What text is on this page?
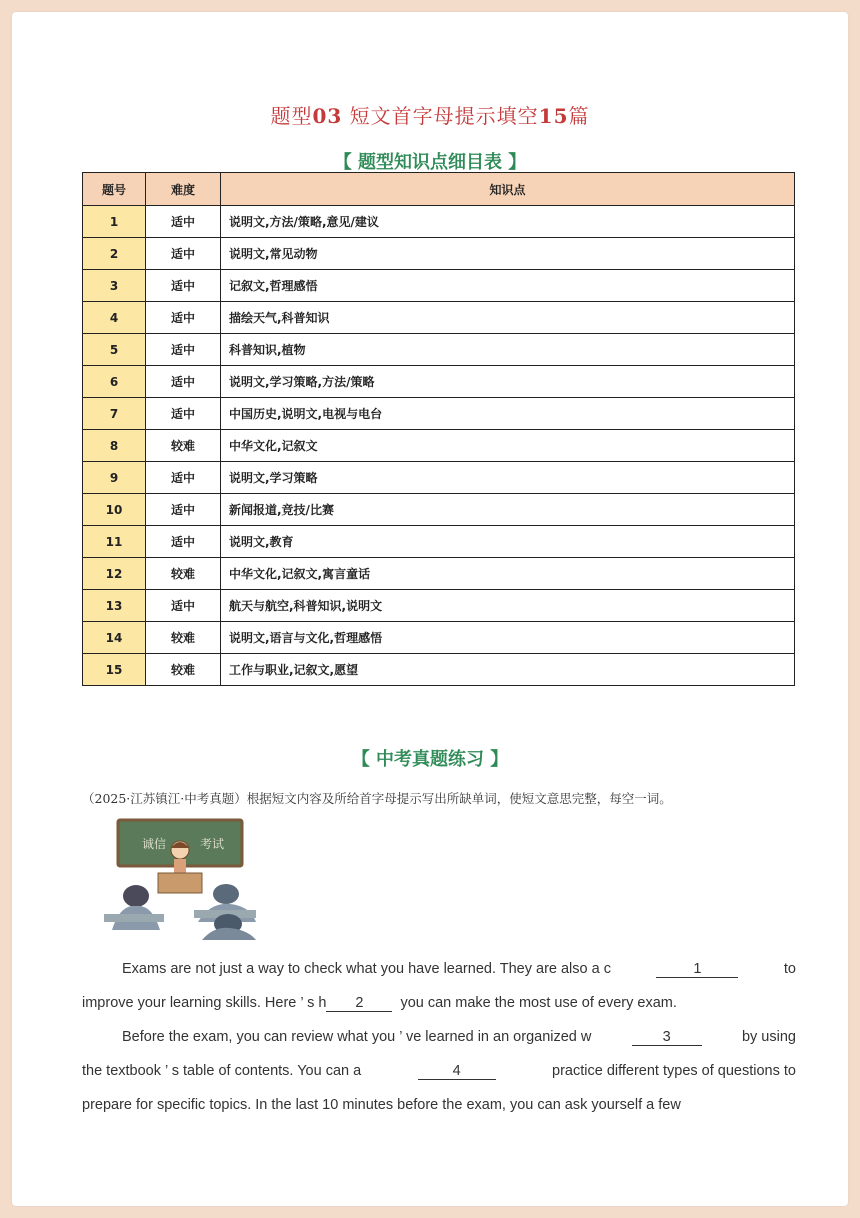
题型03 短文首字母提示填空15篇
【 题型知识点细目表 】
题号	难度	知识点
1	适中	说明文,方法/策略,意见/建议
2	适中	说明文,常见动物
3	适中	记叙文,哲理感悟
4	适中	描绘天气,科普知识
5	适中	科普知识,植物
6	适中	说明文,学习策略,方法/策略
7	适中	中国历史,说明文,电视与电台
8	较难	中华文化,记叙文
9	适中	说明文,学习策略
10	适中	新闻报道,竞技/比赛
11	适中	说明文,教育
12	较难	中华文化,记叙文,寓言童话
13	适中	航天与航空,科普知识,说明文
14	较难	说明文,语言与文化,哲理感悟
15	较难	工作与职业,记叙文,愿望
【 中考真题练习 】
（2025·江苏镇江·中考真题）根据短文内容及所给首字母提示写出所缺单词，使短文意思完整，每空一词。
诚信	考试
Exams are not just a way to check what you have learned. They are also a c	1	to
improve your learning skills. Here ’ s h	2	you can make the most use of every exam.
Before the exam, you can review what you ’ ve learned in an organized w	3	by using
the textbook ’ s table of contents. You can a	4	practice different types of questions to
prepare for specific topics. In the last 10 minutes before the exam, you can ask yourself a few
